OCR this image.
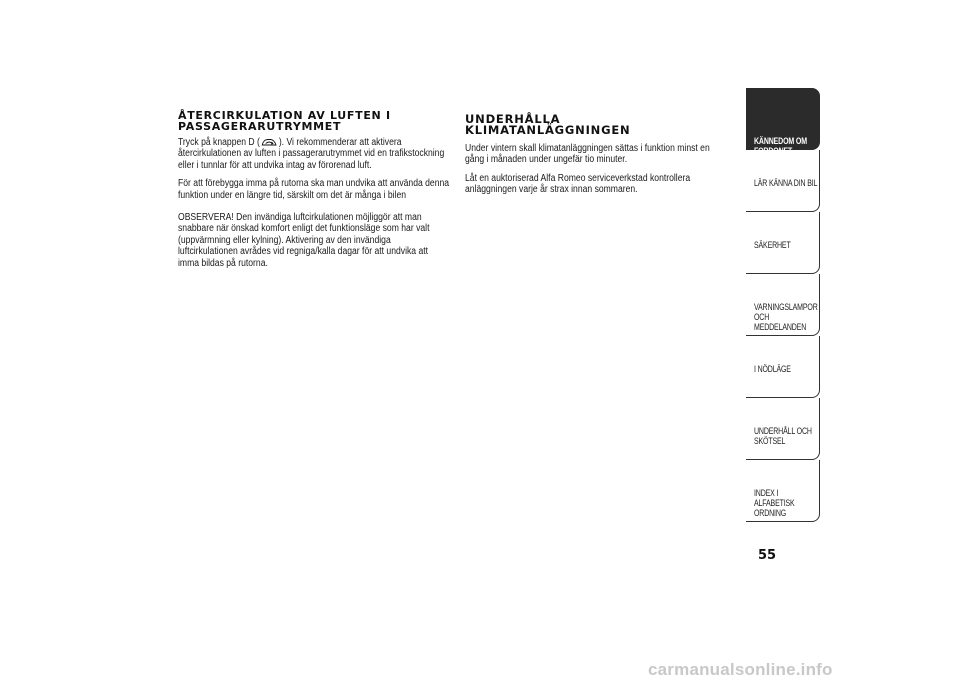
ÅTERCIRKULATION AV LUFTEN I
PASSAGERARUTRYMMET
Tryck på knappen D ( ). Vi rekommenderar att aktivera återcirkulationen av luften i passagerarutrymmet vid en trafikstockning eller i tunnlar för att undvika intag av förorenad luft.
För att förebygga imma på rutorna ska man undvika att använda denna funktion under en längre tid, särskilt om det är många i bilen
OBSERVERA! Den invändiga luftcirkulationen möjliggör att man snabbare när önskad komfort enligt det funktionsläge som har valt (uppvärmning eller kylning). Aktivering av den invändiga luftcirkulationen avrådes vid regniga/kalla dagar för att undvika att imma bildas på rutorna.
UNDERHÅLLA KLIMATANLÄGGNINGEN
Under vintern skall klimatanläggningen sättas i funktion minst en gång i månaden under ungefär tio minuter.
Låt en auktoriserad Alfa Romeo serviceverkstad kontrollera anläggningen varje år strax innan sommaren.
KÄNNEDOM OM

LÄR KÄNNA DIN BIL
SÄKERHET
VARNINGSLAMPOR
OCH MEDDELANDEN
I NÖDLÄGE
UNDERHÅLL OCH
SKÖTSEL
INDEX I ALFABETISK
ORDNING
55
carmanualsonline.info
